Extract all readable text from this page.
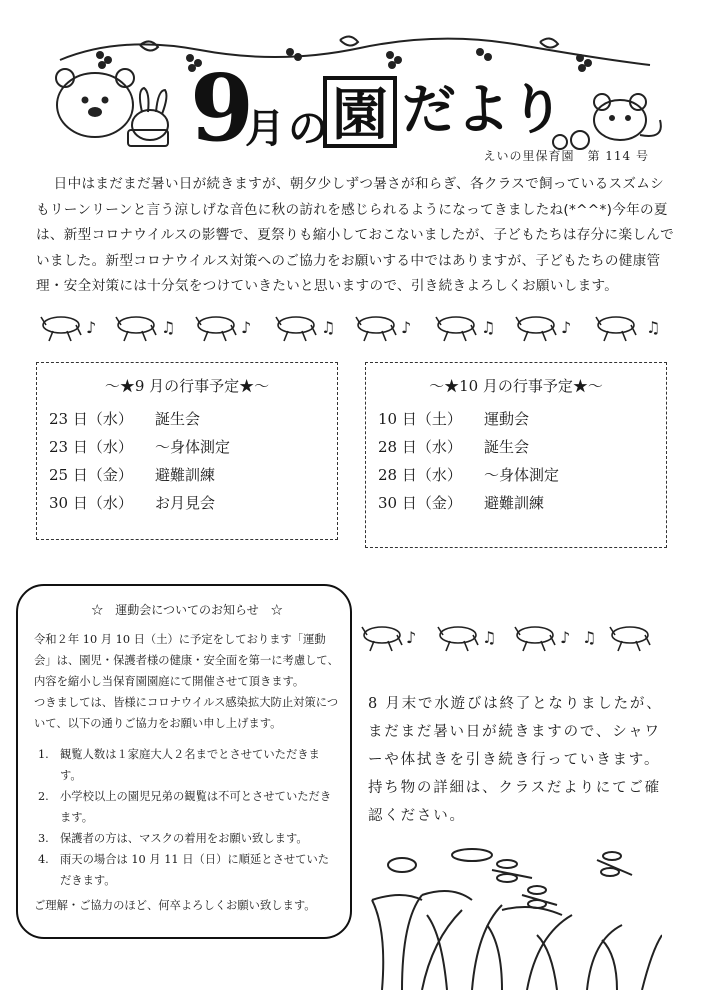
9
月 の 園 だより
えいの里保育園　第 114 号
日中はまだまだ暑い日が続きますが、朝夕少しずつ暑さが和らぎ、各クラスで飼っているスズムシもリーンリーンと言う涼しげな音色に秋の訪れを感じられるようになってきましたね(*^^*)今年の夏は、新型コロナウイルスの影響で、夏祭りも縮小しておこないましたが、子どもたちは存分に楽しんでいました。新型コロナウイルス対策へのご協力をお願いする中ではありますが、子どもたちの健康管理・安全対策には十分気をつけていきたいと思いますので、引き続きよろしくお願いします。
♪	♫	♪	♫	♪	♫	♪	♫
～★9 月の行事予定★～
23 日（水）	誕生会
23 日（水）	～身体測定
25 日（金）	避難訓練
30 日（水）	お月見会
～★10 月の行事予定★～
10 日（土）	運動会
28 日（水）	誕生会
28 日（水）	～身体測定
30 日（金）	避難訓練
☆　運動会についてのお知らせ　☆

令和２年 10 月 10 日（土）に予定をしております「運動会」は、園児・保護者様の健康・安全面を第一に考慮して、内容を縮小し当保育園園庭にて開催させて頂きます。

つきましては、皆様にコロナウイルス感染拡大防止対策について、以下の通りご協力をお願い申し上げます。

1. 観覧人数は１家庭大人２名までとさせていただきます。
2. 小学校以上の園児兄弟の観覧は不可とさせていただきます。
3. 保護者の方は、マスクの着用をお願い致します。
4. 雨天の場合は 10 月 11 日（日）に順延とさせていただきます。

ご理解・ご協力のほど、何卒よろしくお願い致します。

♪	♫	♪ ♫
8 月末で水遊びは終了となりましたが、まだまだ暑い日が続きますので、シャワーや体拭きを引き続き行っていきます。持ち物の詳細は、クラスだよりにてご確認ください。
